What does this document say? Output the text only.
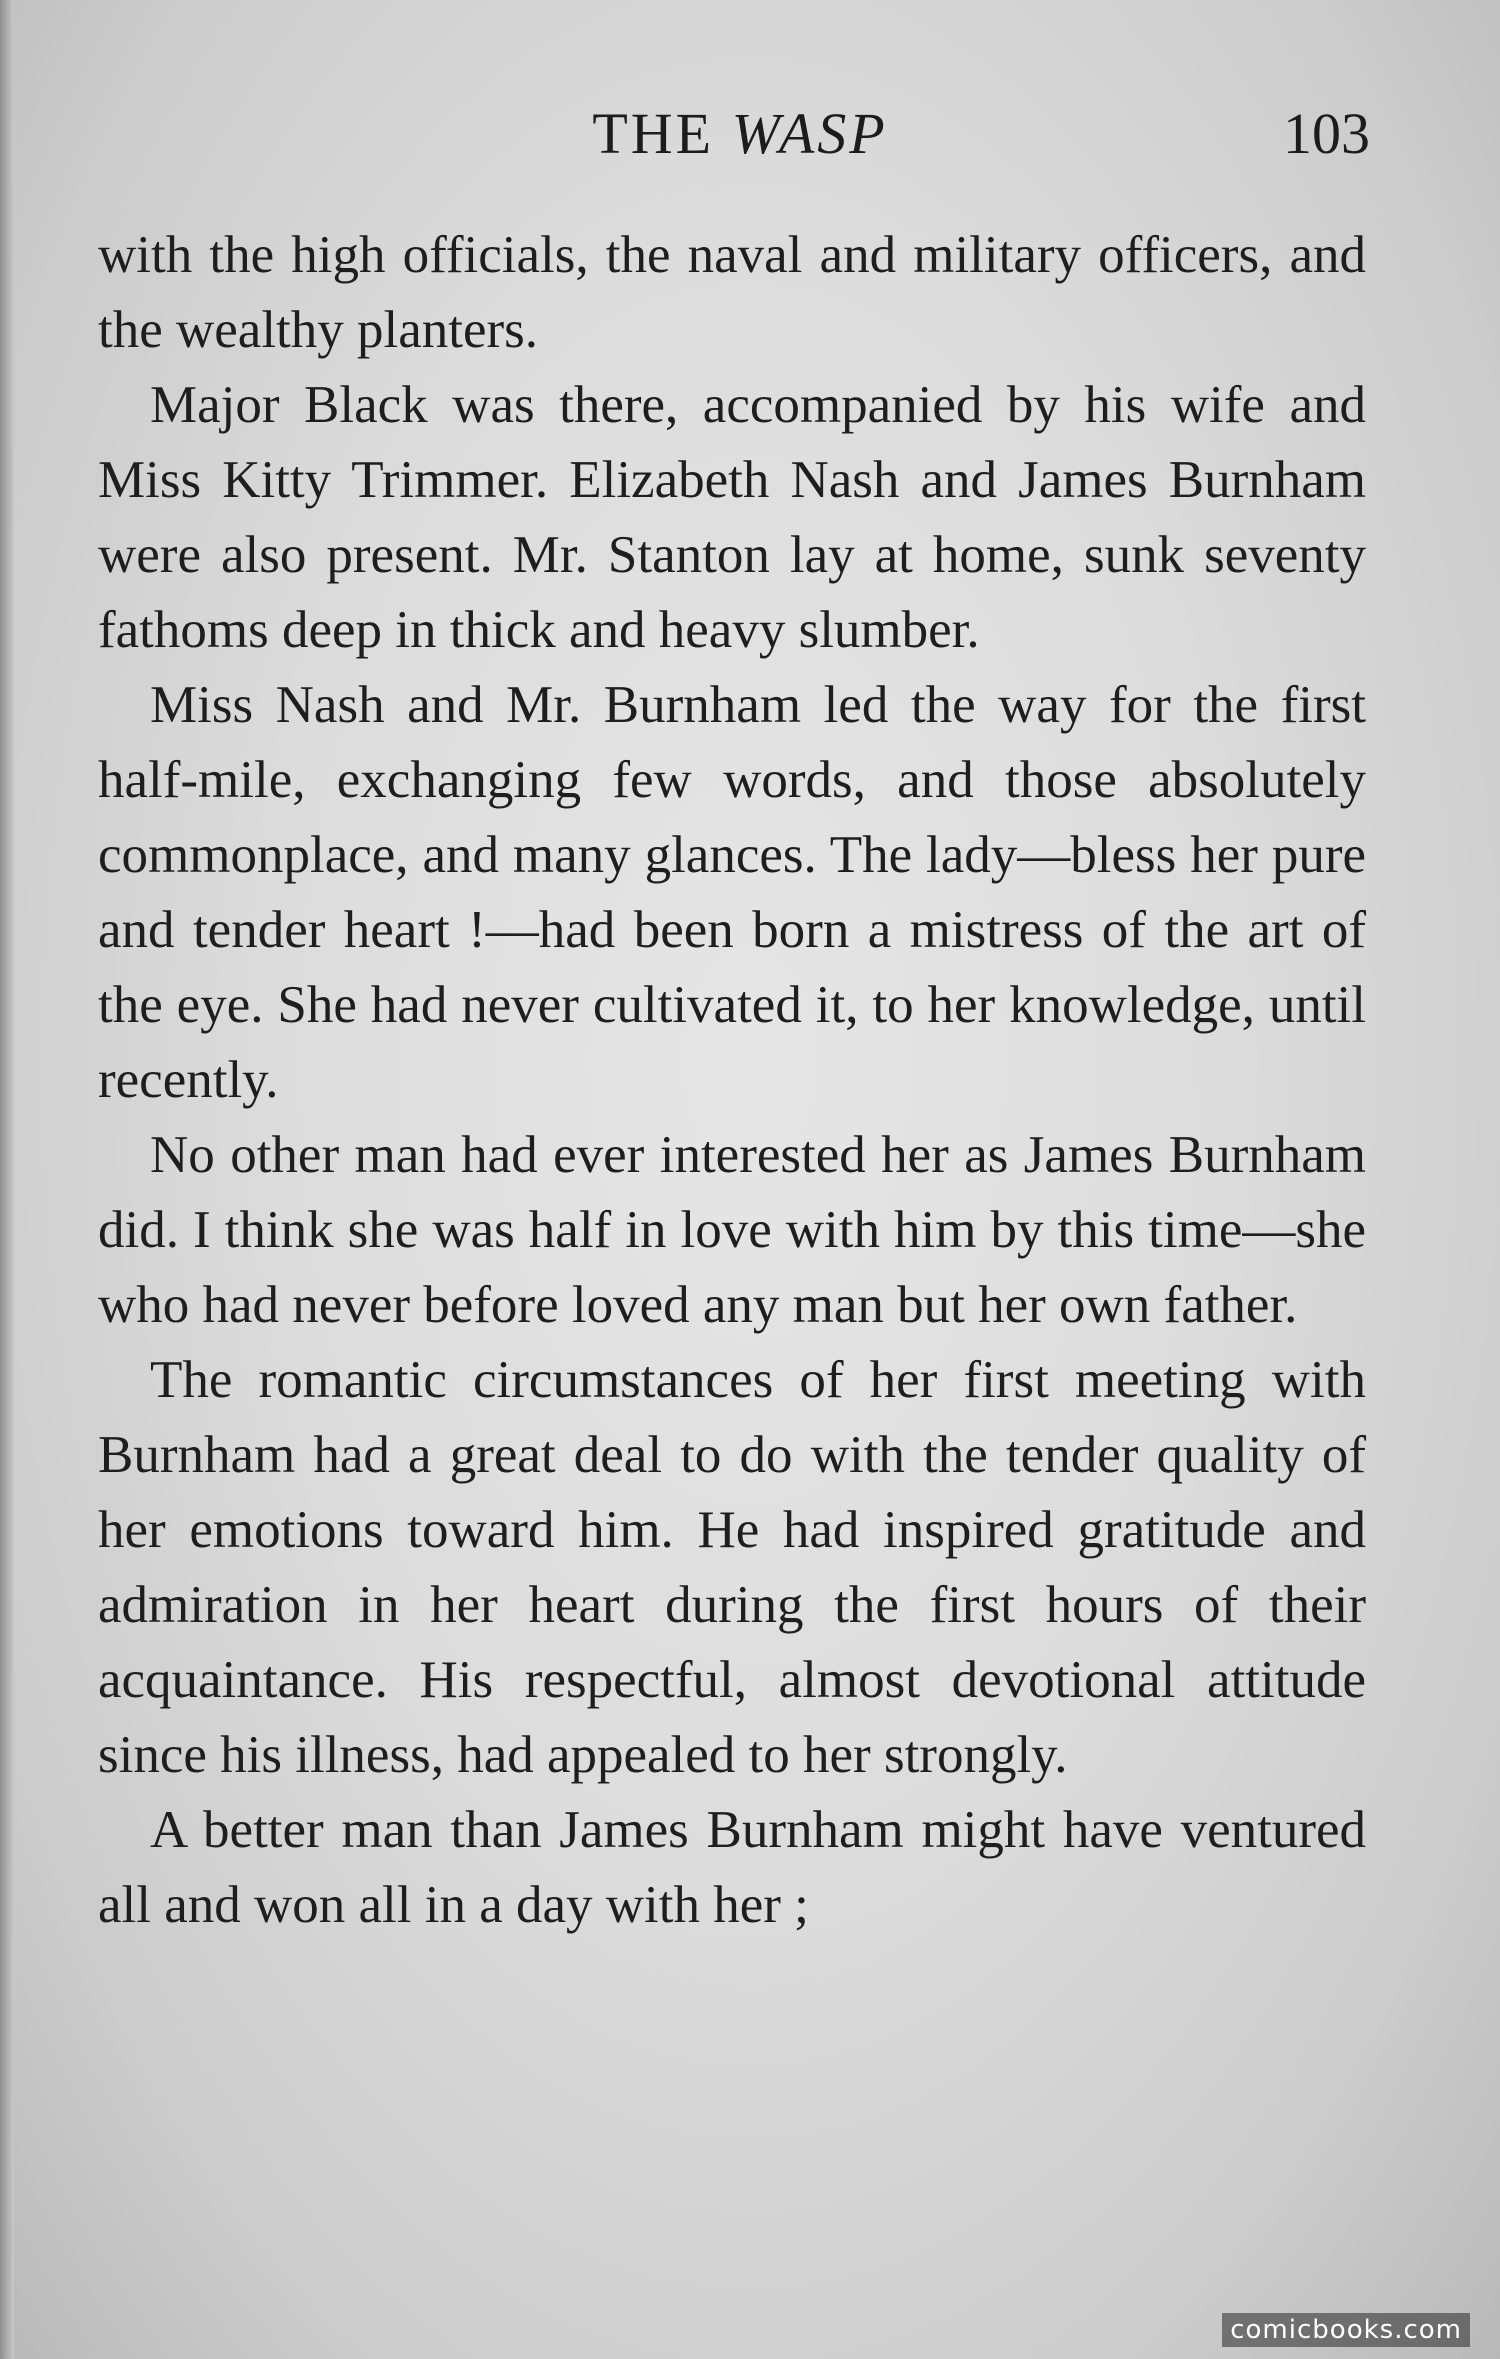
THE WASP	103

with the high officials, the naval and military officers, and the wealthy planters.

Major Black was there, accompanied by his wife and Miss Kitty Trimmer. Elizabeth Nash and James Burnham were also present. Mr. Stanton lay at home, sunk seventy fathoms deep in thick and heavy slumber.

Miss Nash and Mr. Burnham led the way for the first half-mile, exchanging few words, and those absolutely commonplace, and many glances. The lady—bless her pure and tender heart !—had been born a mistress of the art of the eye. She had never cultivated it, to her knowledge, until recently.

No other man had ever interested her as James Burnham did. I think she was half in love with him by this time—she who had never before loved any man but her own father.

The romantic circumstances of her first meeting with Burnham had a great deal to do with the tender quality of her emotions toward him. He had inspired gratitude and admiration in her heart during the first hours of their acquaintance. His respectful, almost devotional attitude since his illness, had appealed to her strongly.

A better man than James Burnham might have ventured all and won all in a day with her ;

comicbooks.com
